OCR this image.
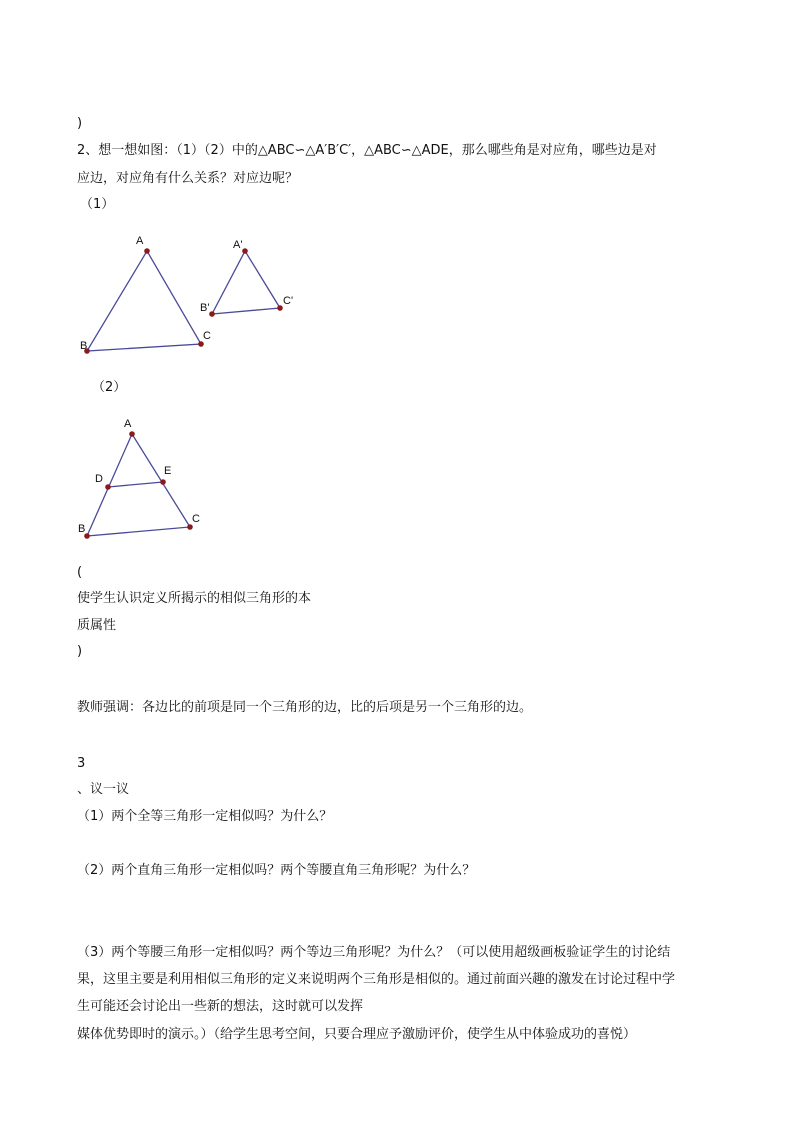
)
2、想一想如图：（1）（2）中的△ABC∽△A′B′C′，△ABC∽△ADE，那么哪些角是对应角，哪些边是对
应边，对应角有什么关系？对应边呢？
（1）
A
B
C
A'
B'
C'
（2）
A
B
C
D
E
(
使学生认识定义所揭示的相似三角形的本
质属性
)
教师强调：各边比的前项是同一个三角形的边，比的后项是另一个三角形的边。
3
、议一议
（1）两个全等三角形一定相似吗？为什么？
（2）两个直角三角形一定相似吗？两个等腰直角三角形呢？为什么？
（3）两个等腰三角形一定相似吗？两个等边三角形呢？为什么？（可以使用超级画板验证学生的讨论结
果，这里主要是利用相似三角形的定义来说明两个三角形是相似的。通过前面兴趣的激发在讨论过程中学
生可能还会讨论出一些新的想法，这时就可以发挥
媒体优势即时的演示。）（给学生思考空间，只要合理应予激励评价，使学生从中体验成功的喜悦）
